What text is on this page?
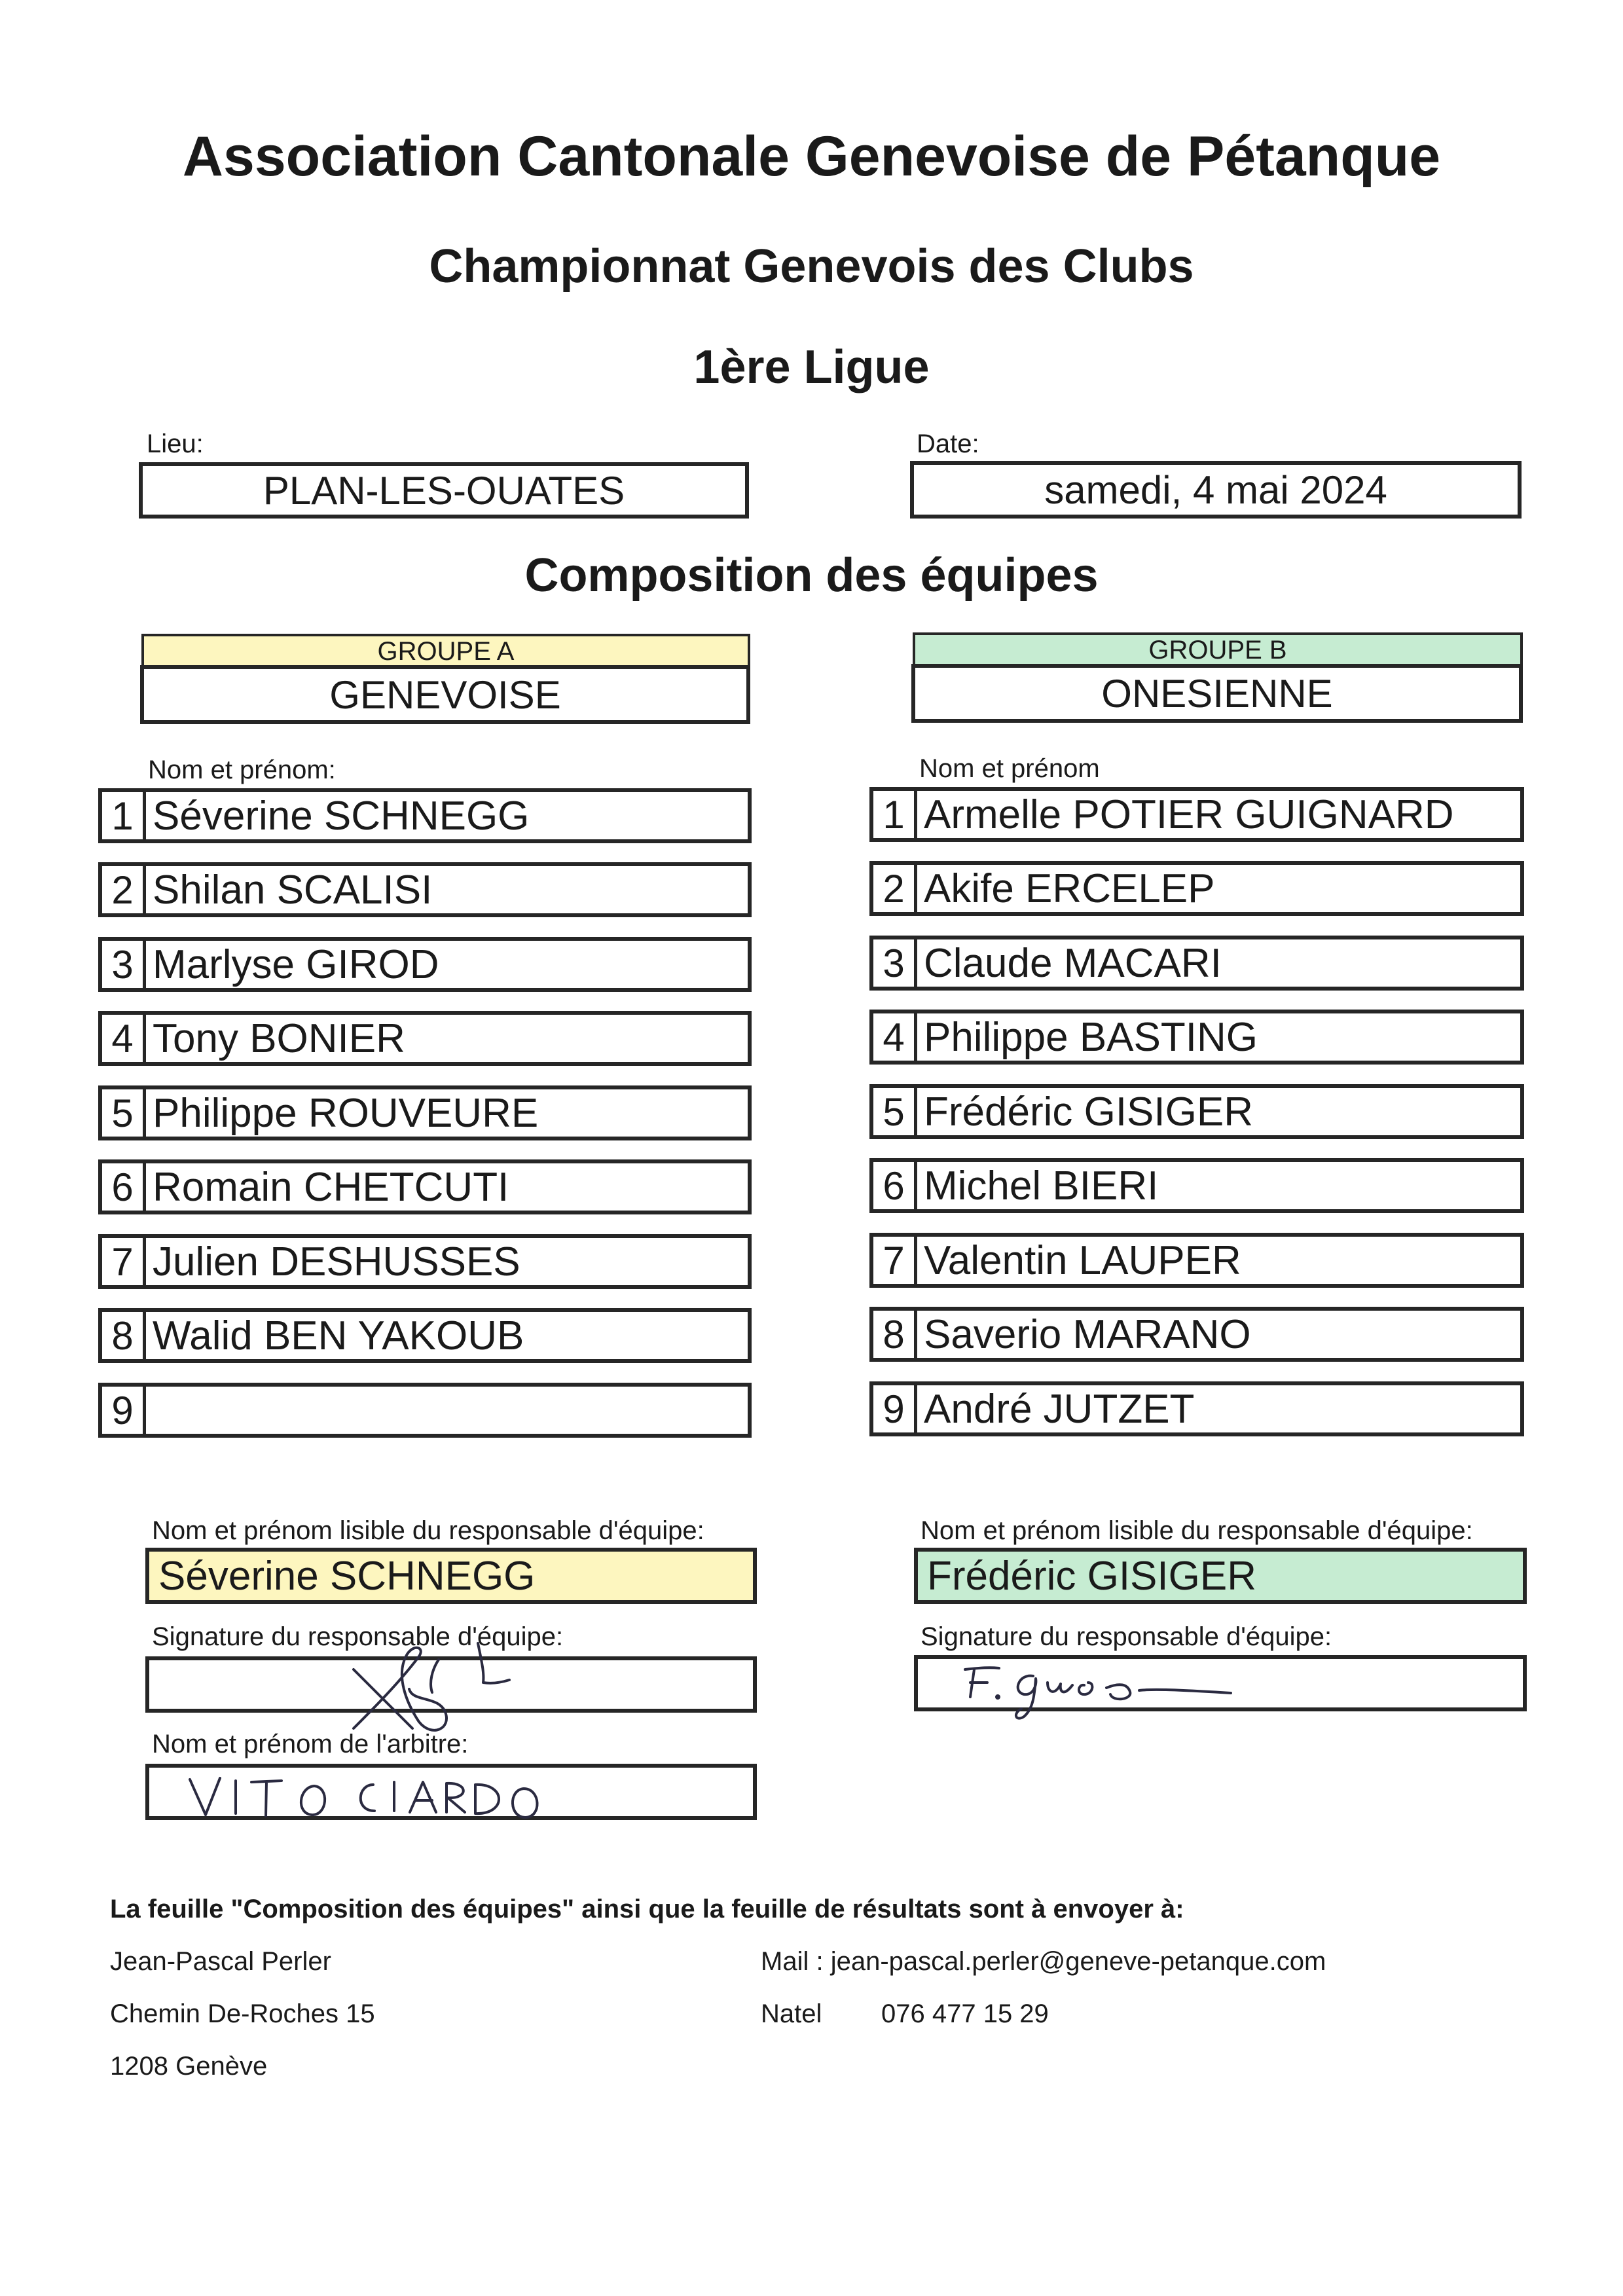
Association Cantonale Genevoise de Pétanque
Championnat Genevois des Clubs
1ère Ligue
Lieu:
PLAN-LES-OUATES
Date:
samedi, 4 mai 2024
Composition des équipes
GROUPE A
GENEVOISE
GROUPE B
ONESIENNE
Nom et prénom:	Nom et prénom
1 Séverine SCHNEGG
2 Shilan SCALISI
3 Marlyse GIROD
4 Tony BONIER
5 Philippe ROUVEURE
6 Romain CHETCUTI
7 Julien DESHUSSES
8 Walid BEN YAKOUB
9
1 Armelle POTIER GUIGNARD
2 Akife ERCELEP
3 Claude MACARI
4 Philippe BASTING
5 Frédéric GISIGER
6 Michel BIERI
7 Valentin LAUPER
8 Saverio MARANO
9 André JUTZET
Nom et prénom lisible du responsable d'équipe:
Séverine SCHNEGG
Signature du responsable d'équipe:
Nom et prénom de l'arbitre:
Nom et prénom lisible du responsable d'équipe:
Frédéric GISIGER
Signature du responsable d'équipe:
La feuille "Composition des équipes" ainsi que la feuille de résultats sont à envoyer à:
Jean-Pascal Perler
Chemin De-Roches 15
1208 Genève
Mail : jean-pascal.perler@geneve-petanque.com
Natel 076 477 15 29
